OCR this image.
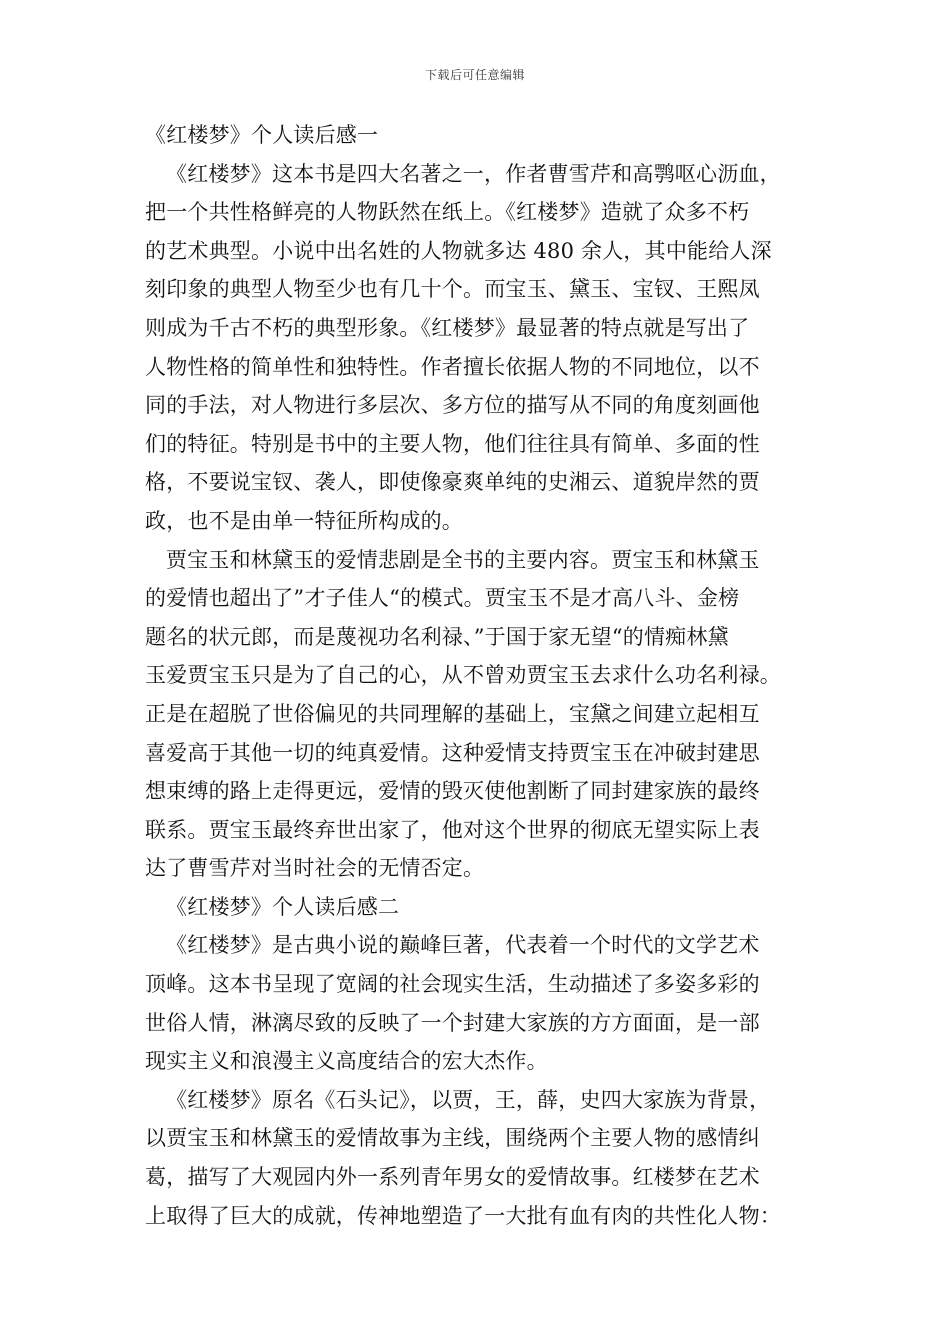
下载后可任意编辑
《红楼梦》个人读后感一
《红楼梦》这本书是四大名著之一，作者曹雪芹和高鹗呕心沥血，
把一个共性格鲜亮的人物跃然在纸上。《红楼梦》造就了众多不朽
的艺术典型。小说中出名姓的人物就多达 480 余人，其中能给人深
刻印象的典型人物至少也有几十个。而宝玉、黛玉、宝钗、王熙凤
则成为千古不朽的典型形象。《红楼梦》最显著的特点就是写出了
人物性格的简单性和独特性。作者擅长依据人物的不同地位，以不
同的手法，对人物进行多层次、多方位的描写从不同的角度刻画他
们的特征。特别是书中的主要人物，他们往往具有简单、多面的性
格，不要说宝钗、袭人，即使像豪爽单纯的史湘云、道貌岸然的贾
政，也不是由单一特征所构成的。
贾宝玉和林黛玉的爱情悲剧是全书的主要内容。贾宝玉和林黛玉
的爱情也超出了”才子佳人“的模式。贾宝玉不是才高八斗、金榜
题名的状元郎，而是蔑视功名利禄、”于国于家无望“的情痴林黛
玉爱贾宝玉只是为了自己的心，从不曾劝贾宝玉去求什么功名利禄。
正是在超脱了世俗偏见的共同理解的基础上，宝黛之间建立起相互
喜爱高于其他一切的纯真爱情。这种爱情支持贾宝玉在冲破封建思
想束缚的路上走得更远，爱情的毁灭使他割断了同封建家族的最终
联系。贾宝玉最终弃世出家了，他对这个世界的彻底无望实际上表
达了曹雪芹对当时社会的无情否定。
《红楼梦》个人读后感二
《红楼梦》是古典小说的巅峰巨著，代表着一个时代的文学艺术
顶峰。这本书呈现了宽阔的社会现实生活，生动描述了多姿多彩的
世俗人情，淋漓尽致的反映了一个封建大家族的方方面面，是一部
现实主义和浪漫主义高度结合的宏大杰作。
《红楼梦》原名《石头记》，以贾，王，薛，史四大家族为背景，
以贾宝玉和林黛玉的爱情故事为主线，围绕两个主要人物的感情纠
葛，描写了大观园内外一系列青年男女的爱情故事。红楼梦在艺术
上取得了巨大的成就，传神地塑造了一大批有血有肉的共性化人物：
